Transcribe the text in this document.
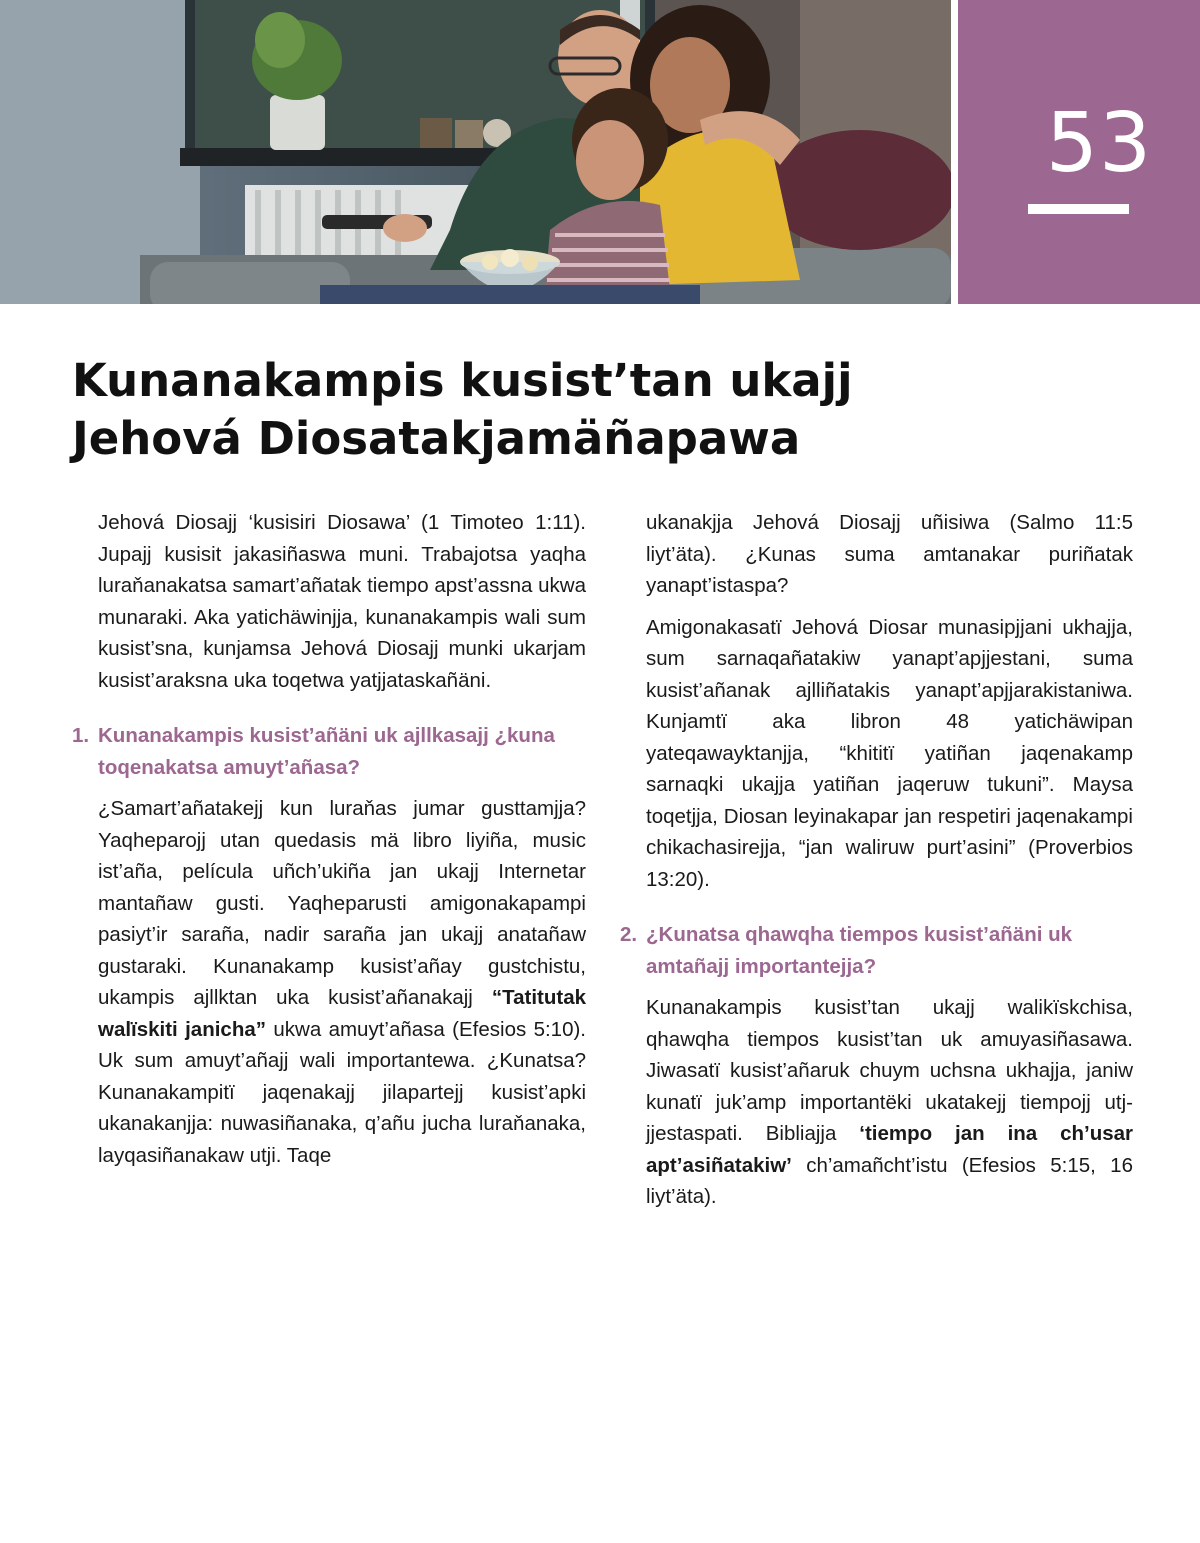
53
Kunanakampis kusist’tan ukajj
Jehová Diosatakjamäñapawa

Jehová Diosajj ‘kusisiri Diosawa’ (1 Timoteo 1:11). Jupajj kusisit jakasiñaswa muni. Trabajotsa yaqha luraňanakatsa samart’añatak tiempo apst’assna ukwa munaraki. Aka yatichäwinjja, kunanakampis wali sum kusist’sna, kunjamsa Jehová Diosajj munki ukarjam kusist’araksna uka toqetwa yatjjataskañäni.

1. Kunanakampis kusist’añäni uk ajllkasajj ¿kuna toqenakatsa amuyt’añasa?

¿Samart’añatakejj kun luraňas jumar gusttamjja? Yaqheparojj utan quedasis mä libro liyiña, music ist’aña, película uñch’ukiña jan ukajj Internetar mantañaw gusti. Yaqheparusti amigonakapampi pasiyt’ir saraña, nadir saraña jan ukajj anatañaw gustaraki. Kunanakamp kusist’añay gustchistu, ukampis ajllktan uka kusist’añanakajj “Tatitutak walïskiti janicha” ukwa amuyt’añasa (Efesios 5:10). Uk sum amuyt’añajj wali importantewa. ¿Kunatsa? Kunanakampitï jaqenakajj jilapartejj kusist’apki ukanakanjja: nuwasiñanaka, q’añu jucha luraňanaka, layqasiñanakaw utji. Taqe

ukanakjja Jehová Diosajj uñisiwa (Salmo 11:5 liyt’äta). ¿Kunas suma amtanakar puriñatak yanapt’istaspa?

Amigonakasatï Jehová Diosar munasipjjani ukhajja, sum sarnaqañatakiw yanapt’apjjestani, suma kusist’añanak ajlliñatakis yanapt’apjjarakistaniwa. Kunjamtï aka libron 48 yatichäwipan yateqawayktanjja, “khititï yatiñan jaqenakamp sarnaqki ukajja yatiñan jaqeruw tukuni”. Maysa toqetjja, Diosan leyinakapar jan respetiri jaqenakampi chikachasirejja, “jan waliruw purt’asini” (Proverbios 13:20).

2. ¿Kunatsa qhawqha tiempos kusist’añäni uk amtañajj importantejja?

Kunanakampis kusist’tan ukajj walikïskchisa, qhawqha tiempos kusist’tan uk amuyasiñasawa. Jiwasatï kusist’añaruk chuym uchsna ukhajja, janiw kunatï juk’amp importantëki ukatakejj tiempojj utj-jjestaspati. Bibliajja ‘tiempo jan ina ch’usar apt’asiñatakiw’ ch’amañcht’istu (Efesios 5:15, 16 liyt’äta).
